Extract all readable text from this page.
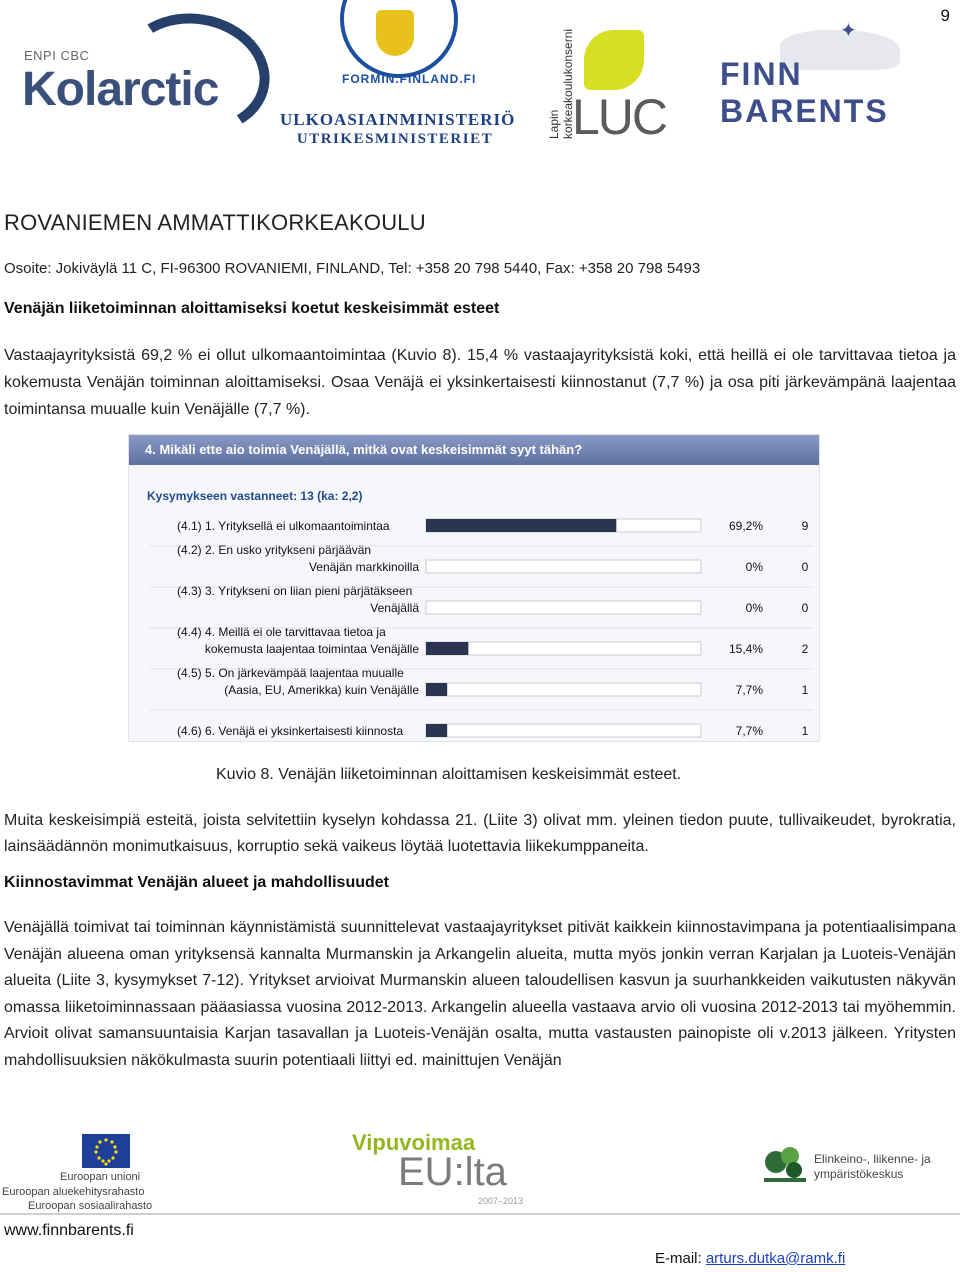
9
ENPI CBC
Kolarctic	FORMIN.FINLAND.FI
ULKOASIAINMINISTERIÖ
UTRIKESMINISTERIET	Lapin korkeakoulukonserni
LUC
✦
FINN BARENTS
ROVANIEMEN AMMATTIKORKEAKOULU
Osoite: Jokiväylä 11 C, FI-96300 ROVANIEMI, FINLAND, Tel: +358 20 798 5440, Fax: +358 20 798 5493
Venäjän liiketoiminnan aloittamiseksi koetut keskeisimmät esteet
Vastaajayrityksistä 69,2 % ei ollut ulkomaantoimintaa (Kuvio 8). 15,4 % vastaajayrityksistä koki, että heillä ei ole tarvittavaa tietoa ja kokemusta Venäjän toiminnan aloittamiseksi. Osaa Venäjä ei yksinkertaisesti kiinnostanut (7,7 %) ja osa piti järkevämpänä laajentaa toimintansa muualle kuin Venäjälle (7,7 %).
4. Mikäli ette aio toimia Venäjällä, mitkä ovat keskeisimmät syyt tähän?
Kysymykseen vastanneet: 13 (ka: 2,2)
(4.1) 1. Yrityksellä ei ulkomaantoimintaa	69,2%	9
(4.2) 2. En usko yritykseni pärjäävän
Venäjän markkinoilla	0%	0
(4.3) 3. Yritykseni on liian pieni pärjätäkseen
Venäjällä	0%	0
(4.4) 4. Meillä ei ole tarvittavaa tietoa ja
kokemusta laajentaa toimintaa Venäjälle	15,4%	2
(4.5) 5. On järkevämpää laajentaa muualle
(Aasia, EU, Amerikka) kuin Venäjälle	7,7%	1
(4.6) 6. Venäjä ei yksinkertaisesti kiinnosta	7,7%	1
Kuvio 8. Venäjän liiketoiminnan aloittamisen keskeisimmät esteet.
Muita keskeisimpiä esteitä, joista selvitettiin kyselyn kohdassa 21. (Liite 3) olivat mm. yleinen tiedon puute, tullivaikeudet, byrokratia, lainsäädännön monimutkaisuus, korruptio sekä vaikeus löytää luotettavia liikekumppaneita.
Kiinnostavimmat Venäjän alueet ja mahdollisuudet
Venäjällä toimivat tai toiminnan käynnistämistä suunnittelevat vastaajayritykset pitivät kaikkein kiinnostavimpana ja potentiaalisimpana Venäjän alueena oman yrityksensä kannalta Murmanskin ja Arkangelin alueita, mutta myös jonkin verran Karjalan ja Luoteis-Venäjän alueita (Liite 3, kysymykset 7-12). Yritykset arvioivat Murmanskin alueen taloudellisen kasvun ja suurhankkeiden vaikutusten näkyvän omassa liiketoiminnassaan pääasiassa vuosina 2012-2013. Arkangelin alueella vastaava arvio oli vuosina 2012-2013 tai myöhemmin. Arvioit olivat samansuuntaisia Karjan tasavallan ja Luoteis-Venäjän osalta, mutta vastausten painopiste oli v.2013 jälkeen. Yritysten mahdollisuuksien näkökulmasta suurin potentiaali liittyi ed. mainittujen Venäjän
Euroopan unioni
Euroopan aluekehitysrahasto
Euroopan sosiaalirahasto
Vipuvoimaa
EU:lta
2007–2013
Elinkeino-, liikenne- ja ympäristökeskus
www.finnbarents.fi
E-mail: arturs.dutka@ramk.fi
